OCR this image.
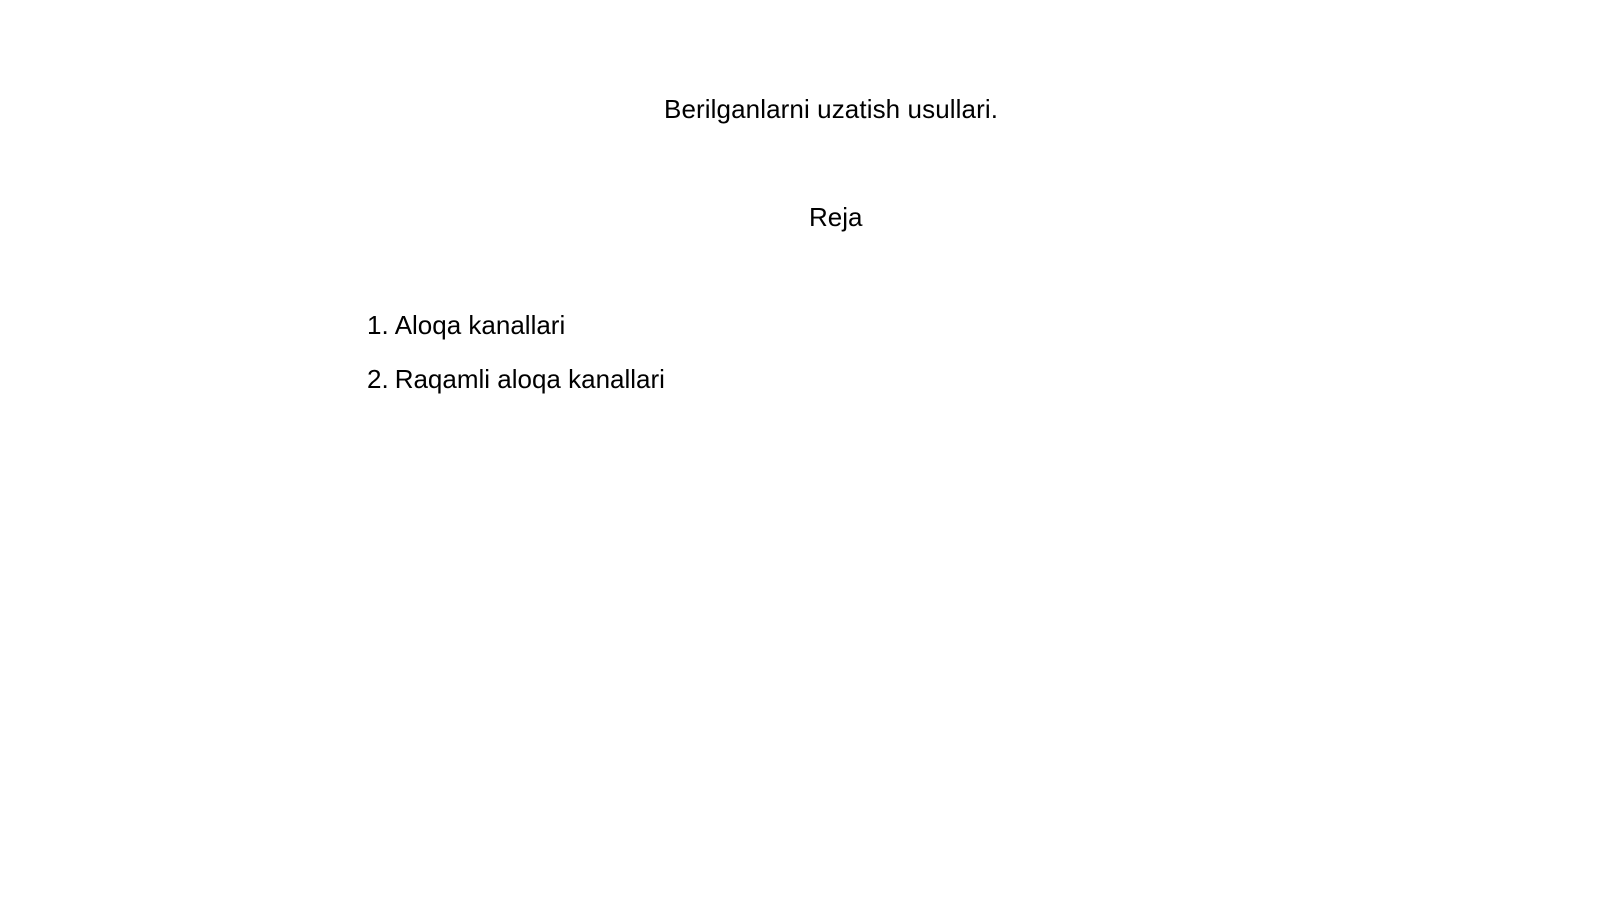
Berilganlarni uzatish usullari.
Reja
1. Aloqa kanallari
2. Raqamli aloqa kanallari
